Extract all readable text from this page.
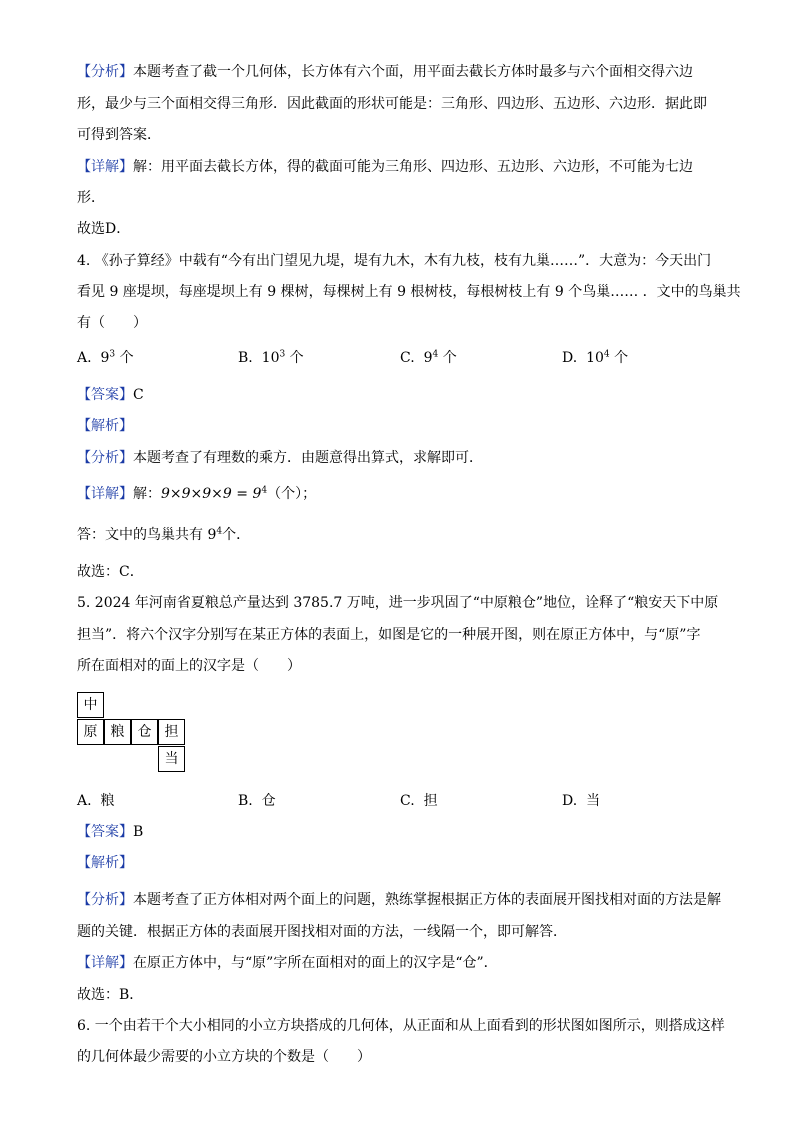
【分析】本题考查了截一个几何体，长方体有六个面，用平面去截长方体时最多与六个面相交得六边
形，最少与三个面相交得三角形．因此截面的形状可能是：三角形、四边形、五边形、六边形．据此即
可得到答案．
【详解】解：用平面去截长方体，得的截面可能为三角形、四边形、五边形、六边形，不可能为七边
形．
故选D．
4. 《孙子算经》中载有“今有出门望见九堤，堤有九木，木有九枝，枝有九巢……”．大意为：今天出门
看见 9 座堤坝，每座堤坝上有 9 棵树，每棵树上有 9 根树枝，每根树枝上有 9 个鸟巢…… ．文中的鸟巢共
有（　　）
A. $9^3$ 个	B. $10^3$ 个	C. $9^4$ 个	D. $10^4$ 个
【答案】C
【解析】
【分析】本题考查了有理数的乘方．由题意得出算式，求解即可．
【详解】解：$9\times 9\times 9\times 9 = 9^4$（个）；
答：文中的鸟巢共有 $9^4$个．
故选：C．
5. 2024 年河南省夏粮总产量达到 3785.7 万吨，进一步巩固了“中原粮仓”地位，诠释了“粮安天下中原
担当”．将六个汉字分别写在某正方体的表面上，如图是它的一种展开图，则在原正方体中，与“原”字
所在面相对的面上的汉字是（　　）
中
原 粮 仓 担
当
A. 粮	B. 仓	C. 担	D. 当
【答案】B
【解析】
【分析】本题考查了正方体相对两个面上的问题，熟练掌握根据正方体的表面展开图找相对面的方法是解
题的关键．根据正方体的表面展开图找相对面的方法，一线隔一个，即可解答．
【详解】在原正方体中，与“原”字所在面相对的面上的汉字是“仓”．
故选：B．
6. 一个由若干个大小相同的小立方块搭成的几何体，从正面和从上面看到的形状图如图所示，则搭成这样
的几何体最少需要的小立方块的个数是（　　）
